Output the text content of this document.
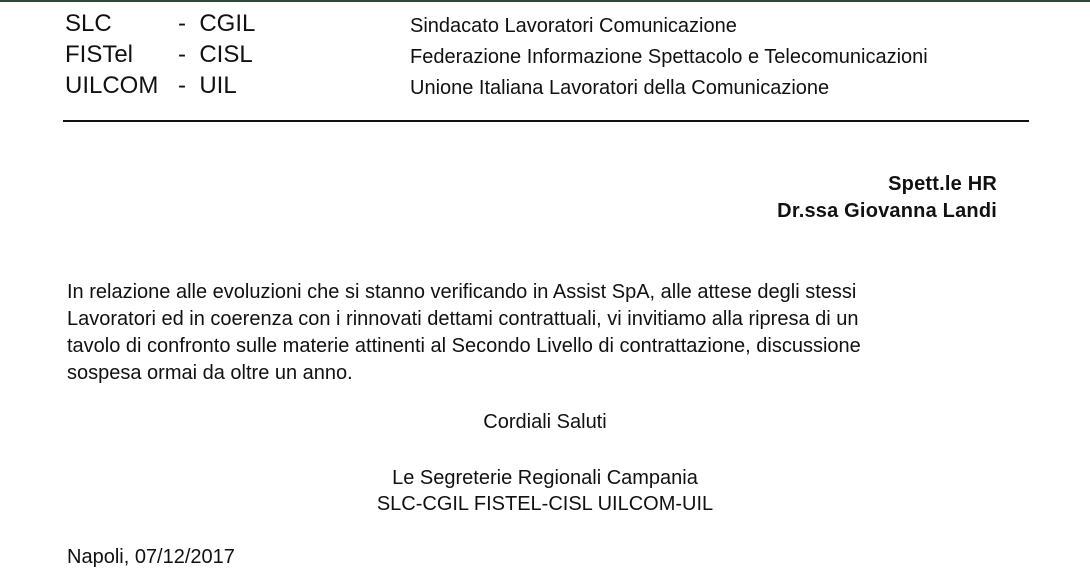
SLC	- CGIL	Sindacato Lavoratori Comunicazione
FISTel - CISL	Federazione Informazione Spettacolo e Telecomunicazioni
UILCOM - UIL	Unione Italiana Lavoratori della Comunicazione
Spett.le HR
Dr.ssa Giovanna Landi
In relazione alle evoluzioni che si stanno verificando in Assist SpA, alle attese degli stessi
Lavoratori ed in coerenza con i rinnovati dettami contrattuali, vi invitiamo alla ripresa di un
tavolo di confronto sulle materie attinenti al Secondo Livello di contrattazione, discussione
sospesa ormai da oltre un anno.
Cordiali Saluti
Le Segreterie Regionali Campania
SLC-CGIL FISTEL-CISL UILCOM-UIL
Napoli, 07/12/2017
